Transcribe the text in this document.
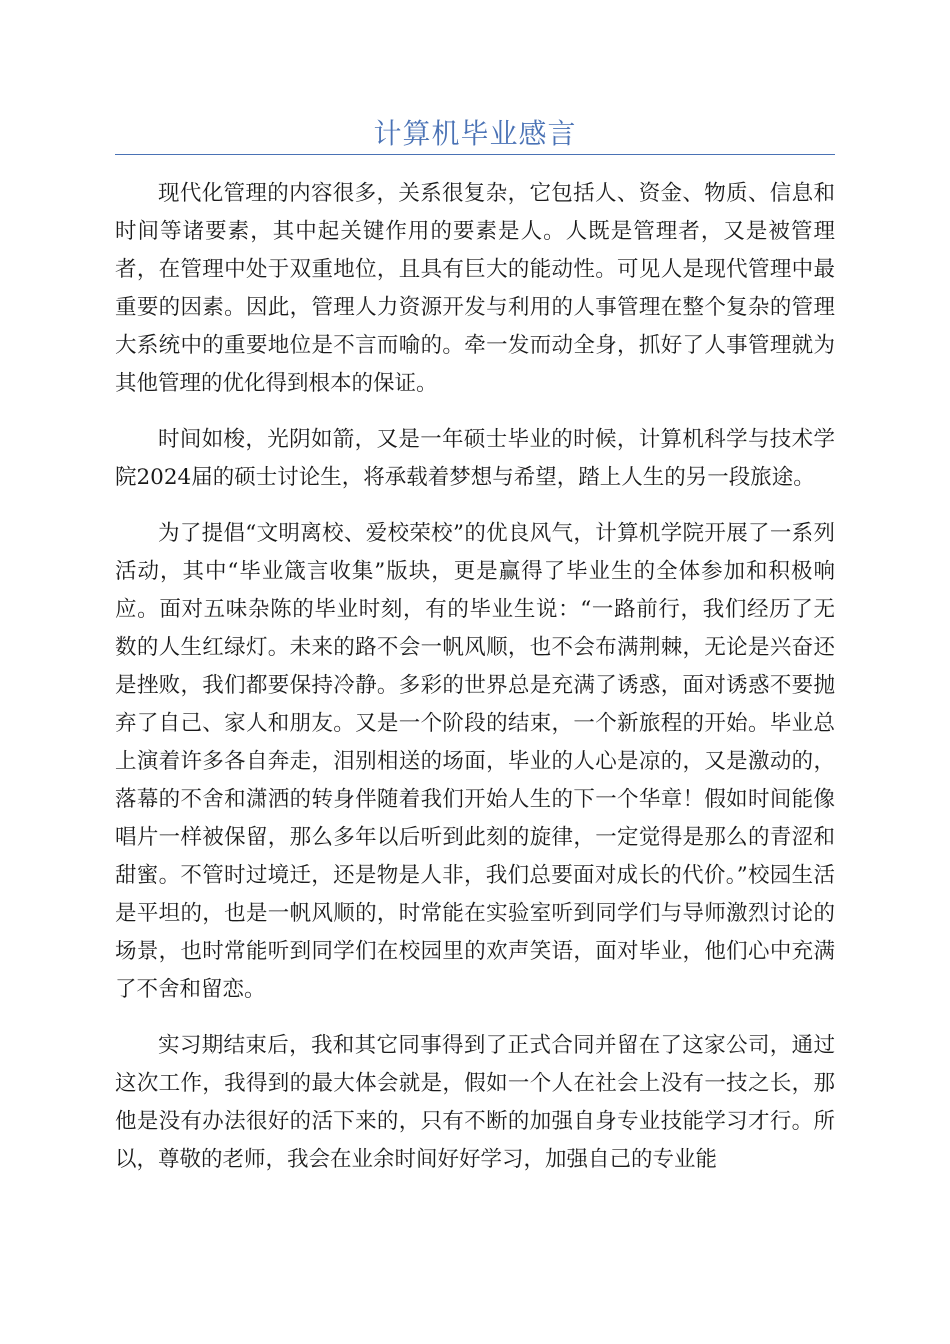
计算机毕业感言

现代化管理的内容很多，关系很复杂，它包括人、资金、物质、信息和时间等诸要素，其中起关键作用的要素是人。人既是管理者，又是被管理者，在管理中处于双重地位，且具有巨大的能动性。可见人是现代管理中最重要的因素。因此，管理人力资源开发与利用的人事管理在整个复杂的管理大系统中的重要地位是不言而喻的。牵一发而动全身，抓好了人事管理就为其他管理的优化得到根本的保证。

时间如梭，光阴如箭，又是一年硕士毕业的时候，计算机科学与技术学院2024届的硕士讨论生，将承载着梦想与希望，踏上人生的另一段旅途。

为了提倡“文明离校、爱校荣校”的优良风气，计算机学院开展了一系列活动，其中“毕业箴言收集”版块，更是赢得了毕业生的全体参加和积极响应。面对五味杂陈的毕业时刻，有的毕业生说：“一路前行，我们经历了无数的人生红绿灯。未来的路不会一帆风顺，也不会布满荆棘，无论是兴奋还是挫败，我们都要保持冷静。多彩的世界总是充满了诱惑，面对诱惑不要抛弃了自己、家人和朋友。又是一个阶段的结束，一个新旅程的开始。毕业总上演着许多各自奔走，泪别相送的场面，毕业的人心是凉的，又是激动的，落幕的不舍和潇洒的转身伴随着我们开始人生的下一个华章！假如时间能像唱片一样被保留，那么多年以后听到此刻的旋律，一定觉得是那么的青涩和甜蜜。不管时过境迁，还是物是人非，我们总要面对成长的代价。”校园生活是平坦的，也是一帆风顺的，时常能在实验室听到同学们与导师激烈讨论的场景，也时常能听到同学们在校园里的欢声笑语，面对毕业，他们心中充满了不舍和留恋。

实习期结束后，我和其它同事得到了正式合同并留在了这家公司，通过这次工作，我得到的最大体会就是，假如一个人在社会上没有一技之长，那他是没有办法很好的活下来的，只有不断的加强自身专业技能学习才行。所以，尊敬的老师，我会在业余时间好好学习，加强自己的专业能
